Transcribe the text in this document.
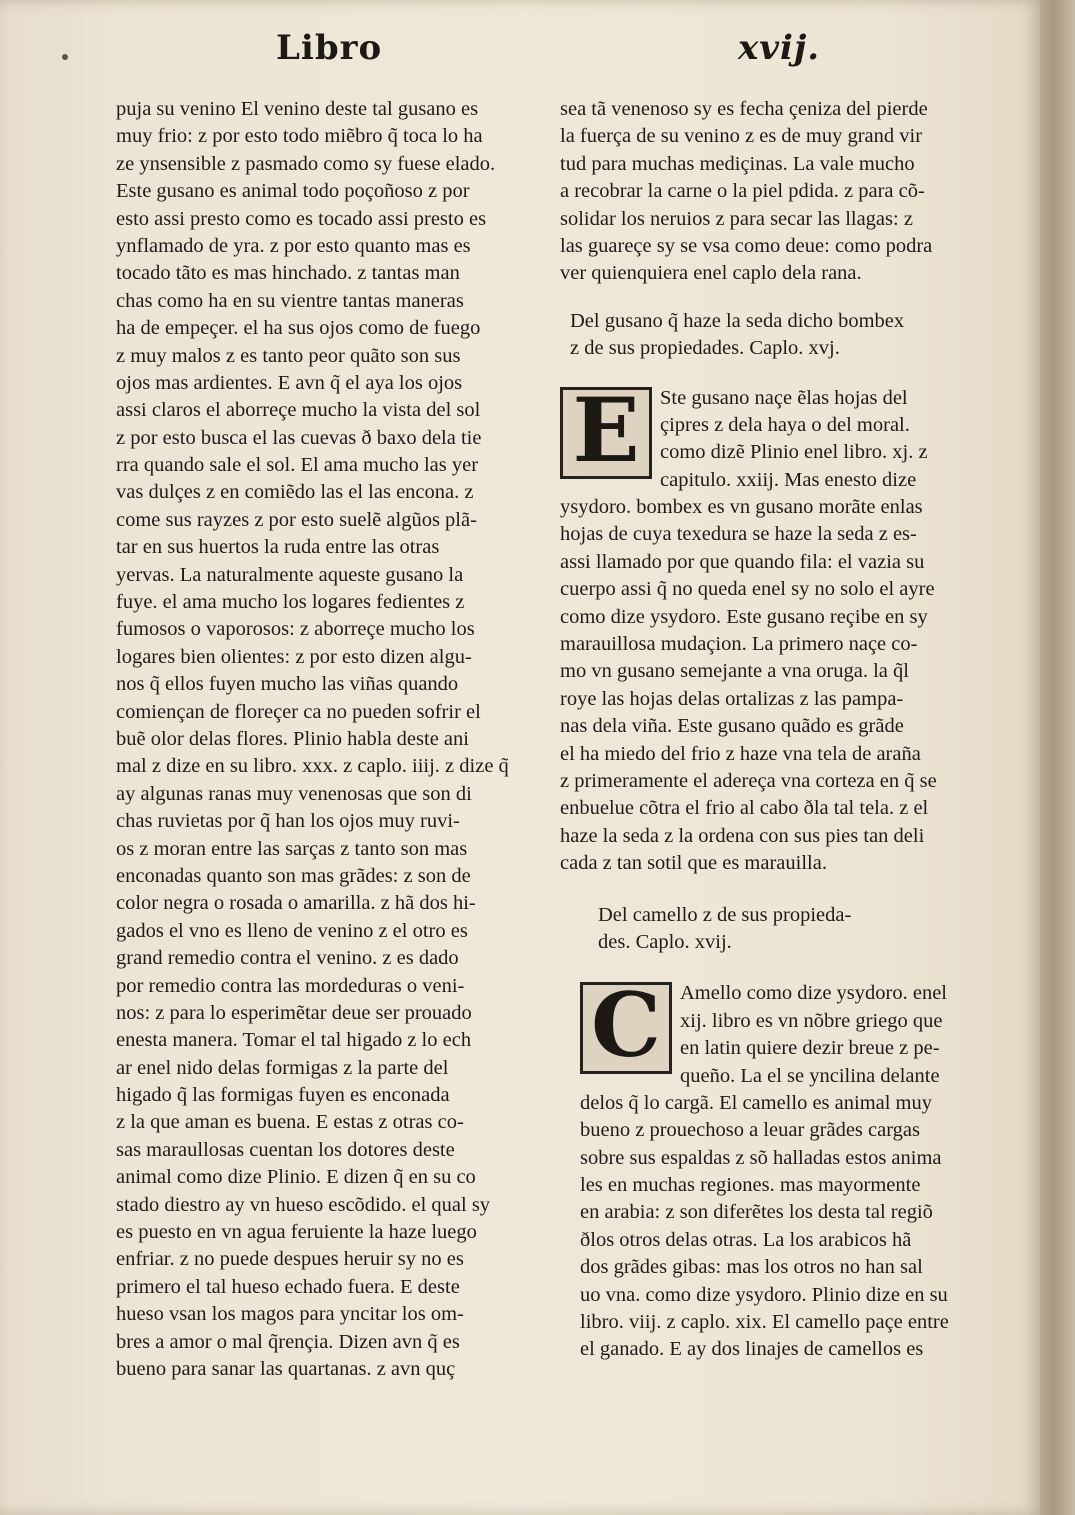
Libro	xvij.
puja su venino El venino deste tal gusano es
muy frio: z por esto todo miẽbro q̃ toca lo ha
ze ynsensible z pasmado como sy fuese elado.
Este gusano es animal todo poçoñoso z por
esto assi presto como es tocado assi presto es
ynflamado de yra. z por esto quanto mas es
tocado tãto es mas hinchado. z tantas man
chas como ha en su vientre tantas maneras
ha de empeçer. el ha sus ojos como de fuego
z muy malos z es tanto peor quãto son sus
ojos mas ardientes. E avn q̃ el aya los ojos
assi claros el aborreçe mucho la vista del sol
z por esto busca el las cuevas ð baxo dela tie
rra quando sale el sol. El ama mucho las yer
vas dulçes z en comiẽdo las el las encona. z
come sus rayzes z por esto suelẽ algũos plã-
tar en sus huertos la ruda entre las otras
yervas. La naturalmente aqueste gusano la
fuye. el ama mucho los logares fedientes z
fumosos o vaporosos: z aborreçe mucho los
logares bien olientes: z por esto dizen algu-
nos q̃ ellos fuyen mucho las viñas quando
comiençan de floreçer ca no pueden sofrir el
buẽ olor delas flores. Plinio habla deste ani
mal z dize en su libro. xxx. z caplo. iiij. z dize q̃
ay algunas ranas muy venenosas que son di
chas ruvietas por q̃ han los ojos muy ruvi-
os z moran entre las sarças z tanto son mas
enconadas quanto son mas grãdes: z son de
color negra o rosada o amarilla. z hã dos hi-
gados el vno es lleno de venino z el otro es
grand remedio contra el venino. z es dado
por remedio contra las mordeduras o veni-
nos: z para lo esperimẽtar deue ser prouado
enesta manera. Tomar el tal higado z lo ech
ar enel nido delas formigas z la parte del
higado q̃ las formigas fuyen es enconada
z la que aman es buena. E estas z otras co-
sas maraullosas cuentan los dotores deste
animal como dize Plinio. E dizen q̃ en su co
stado diestro ay vn hueso escõdido. el qual sy
es puesto en vn agua feruiente la haze luego
enfriar. z no puede despues heruir sy no es
primero el tal hueso echado fuera. E deste
hueso vsan los magos para yncitar los om-
bres a amor o mal q̃rençia. Dizen avn q̃ es
bueno para sanar las quartanas. z avn quç
sea tã venenoso sy es fecha çeniza del pierde
la fuerça de su venino z es de muy grand vir
tud para muchas mediçinas. La vale mucho
a recobrar la carne o la piel pdida. z para cõ-
solidar los neruios z para secar las llagas: z
las guareçe sy se vsa como deue: como podra
ver quienquiera enel caplo dela rana.
Del gusano q̃ haze la seda dicho bombex
z de sus propiedades. Caplo. xvj.
E Ste gusano naçe ẽlas hojas del
çipres z dela haya o del moral.
como dizẽ Plinio enel libro. xj. z
capitulo. xxiij. Mas enesto dize
ysydoro. bombex es vn gusano morãte enlas
hojas de cuya texedura se haze la seda z es-
assi llamado por que quando fila: el vazia su
cuerpo assi q̃ no queda enel sy no solo el ayre
como dize ysydoro. Este gusano reçibe en sy
marauillosa mudaçion. La primero naçe co-
mo vn gusano semejante a vna oruga. la q̃l
roye las hojas delas ortalizas z las pampa-
nas dela viña. Este gusano quãdo es grãde
el ha miedo del frio z haze vna tela de araña
z primeramente el adereça vna corteza en q̃ se
enbuelue cõtra el frio al cabo ðla tal tela. z el
haze la seda z la ordena con sus pies tan deli
cada z tan sotil que es marauilla.
Del camello z de sus propieda-
des. Caplo. xvij.
C Amello como dize ysydoro. enel
xij. libro es vn nõbre griego que
en latin quiere dezir breue z pe-
queño. La el se yncilina delante
delos q̃ lo cargã. El camello es animal muy
bueno z prouechoso a leuar grãdes cargas
sobre sus espaldas z sõ halladas estos anima
les en muchas regiones. mas mayormente
en arabia: z son diferẽtes los desta tal regiõ
ðlos otros delas otras. La los arabicos hã
dos grãdes gibas: mas los otros no han sal
uo vna. como dize ysydoro. Plinio dize en su
libro. viij. z caplo. xix. El camello paçe entre
el ganado. E ay dos linajes de camellos es
